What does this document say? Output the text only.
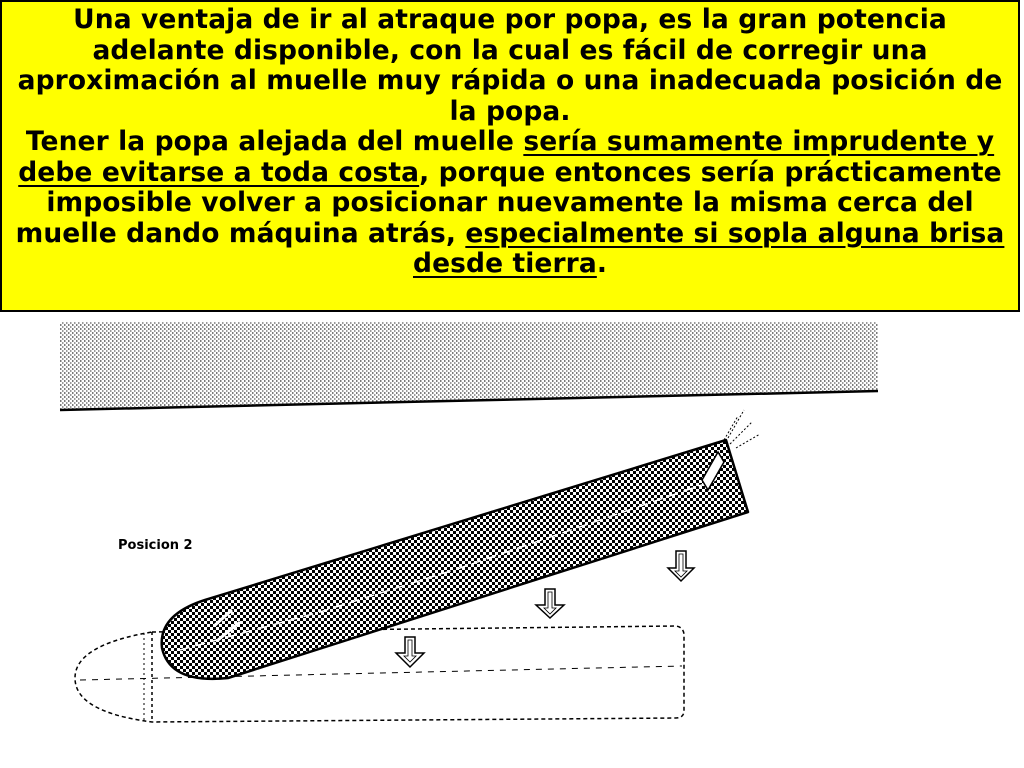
Una ventaja de ir al atraque por popa, es la gran potencia adelante disponible, con la cual es fácil de corregir una aproximación al muelle muy rápida o una inadecuada posición de la popa.

Tener la popa alejada del muelle sería sumamente imprudente y debe evitarse a toda costa, porque entonces sería prácticamente imposible volver a posicionar nuevamente la misma cerca del muelle dando máquina atrás, especialmente si sopla alguna brisa desde tierra.

Posicion 2
